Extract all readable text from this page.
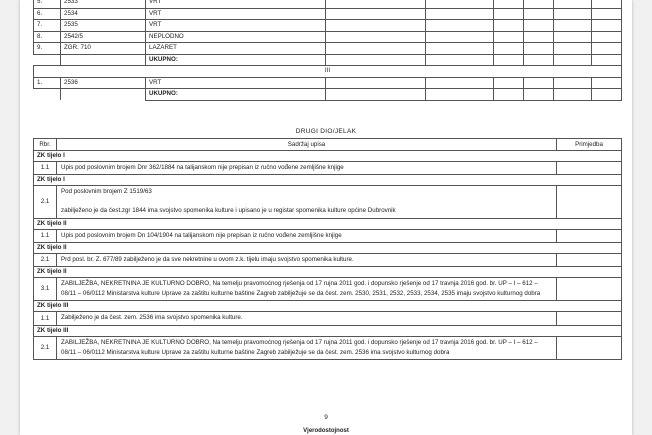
5.	2533	VRT						
6.	2534	VRT						
7.	2535	VRT						
8.	2542/5	NEPLODNO						
9.	ZGR. 710	LAZARET						
		UKUPNO:						
III								
1.	2536	VRT						
		UKUPNO:						
DRUGI DIO/JELAK
Rbr.	Sadržaj upisa	Primjedba
ZK tijelo I		
1.1	Upis pod poslovnim brojem Dnr 362/1884 na talijanskom nije prepisan iz ručno vođene zemljišne knjige	
ZK tijelo I		
2.1	Pod poslovnim brojem Z 1519/63
zabilježeno je da čest.zgr 1844 ima svojstvo spomenika kulture i upisano je u registar spomenika kulture općine Dubrovnik	
ZK tijelo II		
1.1	Upis pod poslovnim brojem Dn 104/1904 na talijanskom nije prepisan iz ručno vođene zemljišne knjige	
ZK tijelo II		
2.1	Prd posl. br. Z. 677/89 zabilježeno je da sve nekretnine u ovom z.k. tijelu imaju svojstvo spomenika kulture.	
ZK tijelo II		
3.1	ZABILJEŽBA, NEKRETNINA JE KULTURNO DOBRO, Na temelju pravomoćnog rješenja od 17 rujna 2011 god. i dopunsko rješenje od 17 travnja 2016 god. br. UP – I – 612 – 08/11 – 06/0112 Ministarstva kulture Uprave za zaštitu kulturne baštine Zagreb zabilježuje se da čest. zem. 2530, 2531, 2532, 2533, 2534, 2535 imaju svojstvo kulturnog dobra	
ZK tijelo III		
1.1	Zabilježeno je da čest. zem. 2536 ima svojstvo spomenika kulture.	
ZK tijelo III		
2.1	ZABILJEŽBA, NEKRETNINA JE KULTURNO DOBRO, Na temelju pravomoćnog rješenja od 17 rujna 2011 god. i dopunsko rješenje od 17 travnja 2016 god. br. UP – I – 612 – 08/11 – 06/0112 Ministarstva kulture Uprave za zaštitu kulturne baštine Zagreb zabilježuje se da čest. zem. 2536 ima svojstvo kulturnog dobra	
9
Vjerodostojnost
